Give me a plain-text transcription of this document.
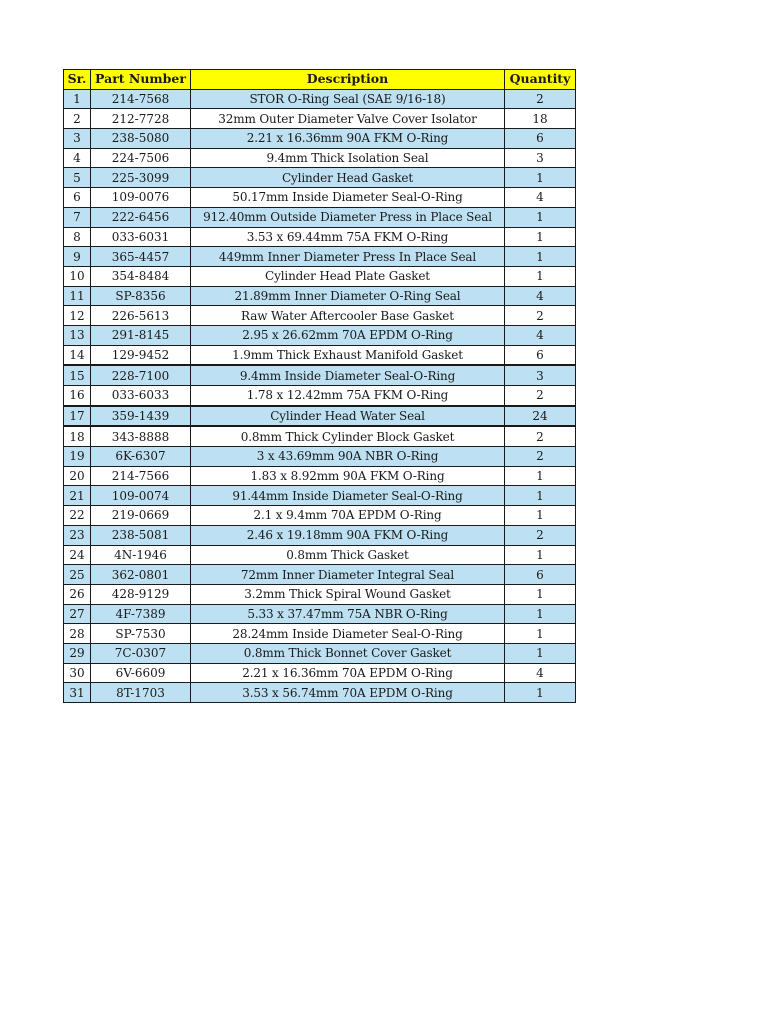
Sr.	Part Number	Description	Quantity
1	214-7568	STOR O-Ring Seal (SAE 9/16-18)	2
2	212-7728	32mm Outer Diameter Valve Cover Isolator	18
3	238-5080	2.21 x 16.36mm 90A FKM O-Ring	6
4	224-7506	9.4mm Thick Isolation Seal	3
5	225-3099	Cylinder Head Gasket	1
6	109-0076	50.17mm Inside Diameter Seal-O-Ring	4
7	222-6456	912.40mm Outside Diameter Press in Place Seal	1
8	033-6031	3.53 x 69.44mm 75A FKM O-Ring	1
9	365-4457	449mm Inner Diameter Press In Place Seal	1
10	354-8484	Cylinder Head Plate Gasket	1
11	SP-8356	21.89mm Inner Diameter O-Ring Seal	4
12	226-5613	Raw Water Aftercooler Base Gasket	2
13	291-8145	2.95 x 26.62mm 70A EPDM O-Ring	4
14	129-9452	1.9mm Thick Exhaust Manifold Gasket	6
15	228-7100	9.4mm Inside Diameter Seal-O-Ring	3
16	033-6033	1.78 x 12.42mm 75A FKM O-Ring	2
17	359-1439	Cylinder Head Water Seal	24
18	343-8888	0.8mm Thick Cylinder Block Gasket	2
19	6K-6307	3 x 43.69mm 90A NBR O-Ring	2
20	214-7566	1.83 x 8.92mm 90A FKM O-Ring	1
21	109-0074	91.44mm Inside Diameter Seal-O-Ring	1
22	219-0669	2.1 x 9.4mm 70A EPDM O-Ring	1
23	238-5081	2.46 x 19.18mm 90A FKM O-Ring	2
24	4N-1946	0.8mm Thick Gasket	1
25	362-0801	72mm Inner Diameter Integral Seal	6
26	428-9129	3.2mm Thick Spiral Wound Gasket	1
27	4F-7389	5.33 x 37.47mm 75A NBR O-Ring	1
28	SP-7530	28.24mm Inside Diameter Seal-O-Ring	1
29	7C-0307	0.8mm Thick Bonnet Cover Gasket	1
30	6V-6609	2.21 x 16.36mm 70A EPDM O-Ring	4
31	8T-1703	3.53 x 56.74mm 70A EPDM O-Ring	1
